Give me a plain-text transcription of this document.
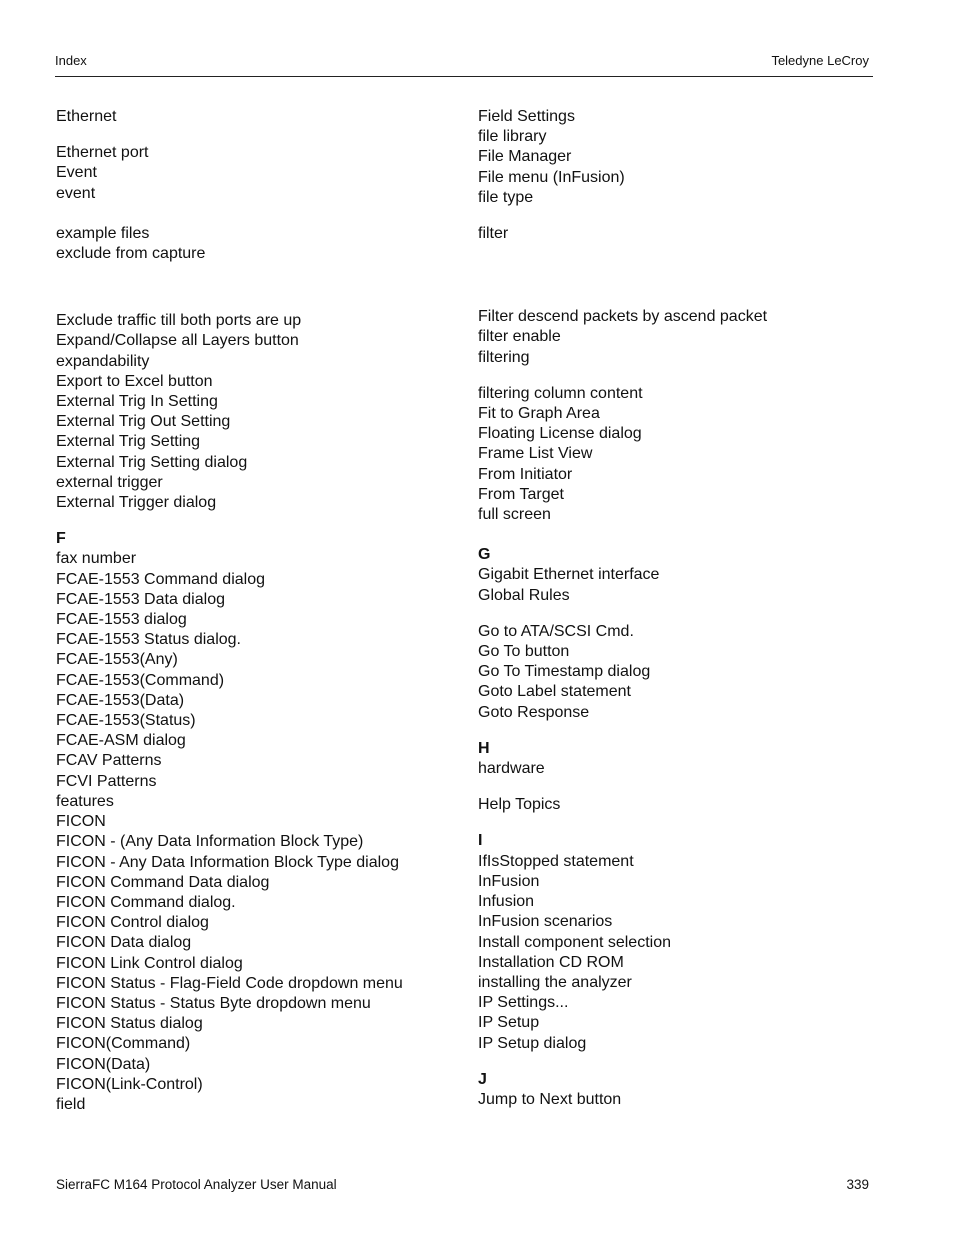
Index	Teledyne LeCroy
Ethernet
Ethernet port
Event
event
example files
exclude from capture
Exclude traffic till both ports are up
Expand/Collapse all Layers button
expandability
Export to Excel button
External Trig In Setting
External Trig Out Setting
External Trig Setting
External Trig Setting dialog
external trigger
External Trigger dialog
F
fax number
FCAE-1553 Command dialog
FCAE-1553 Data dialog
FCAE-1553 dialog
FCAE-1553 Status dialog.
FCAE-1553(Any)
FCAE-1553(Command)
FCAE-1553(Data)
FCAE-1553(Status)
FCAE-ASM dialog
FCAV Patterns
FCVI Patterns
features
FICON
FICON - (Any Data Information Block Type)
FICON - Any Data Information Block Type dialog
FICON Command Data dialog
FICON Command dialog.
FICON Control dialog
FICON Data dialog
FICON Link Control dialog
FICON Status - Flag-Field Code dropdown menu
FICON Status - Status Byte dropdown menu
FICON Status dialog
FICON(Command)
FICON(Data)
FICON(Link-Control)
field
Field Settings
file library
File Manager
File menu (InFusion)
file type
filter
Filter descend packets by ascend packet
filter enable
filtering
filtering column content
Fit to Graph Area
Floating License dialog
Frame List View
From Initiator
From Target
full screen
G
Gigabit Ethernet interface
Global Rules
Go to ATA/SCSI Cmd.
Go To button
Go To Timestamp dialog
Goto Label statement
Goto Response
H
hardware
Help Topics
I
IfIsStopped statement
InFusion
Infusion
InFusion scenarios
Install component selection
Installation CD ROM
installing the analyzer
IP Settings...
IP Setup
IP Setup dialog
J
Jump to Next button
SierraFC M164 Protocol Analyzer User Manual	339
